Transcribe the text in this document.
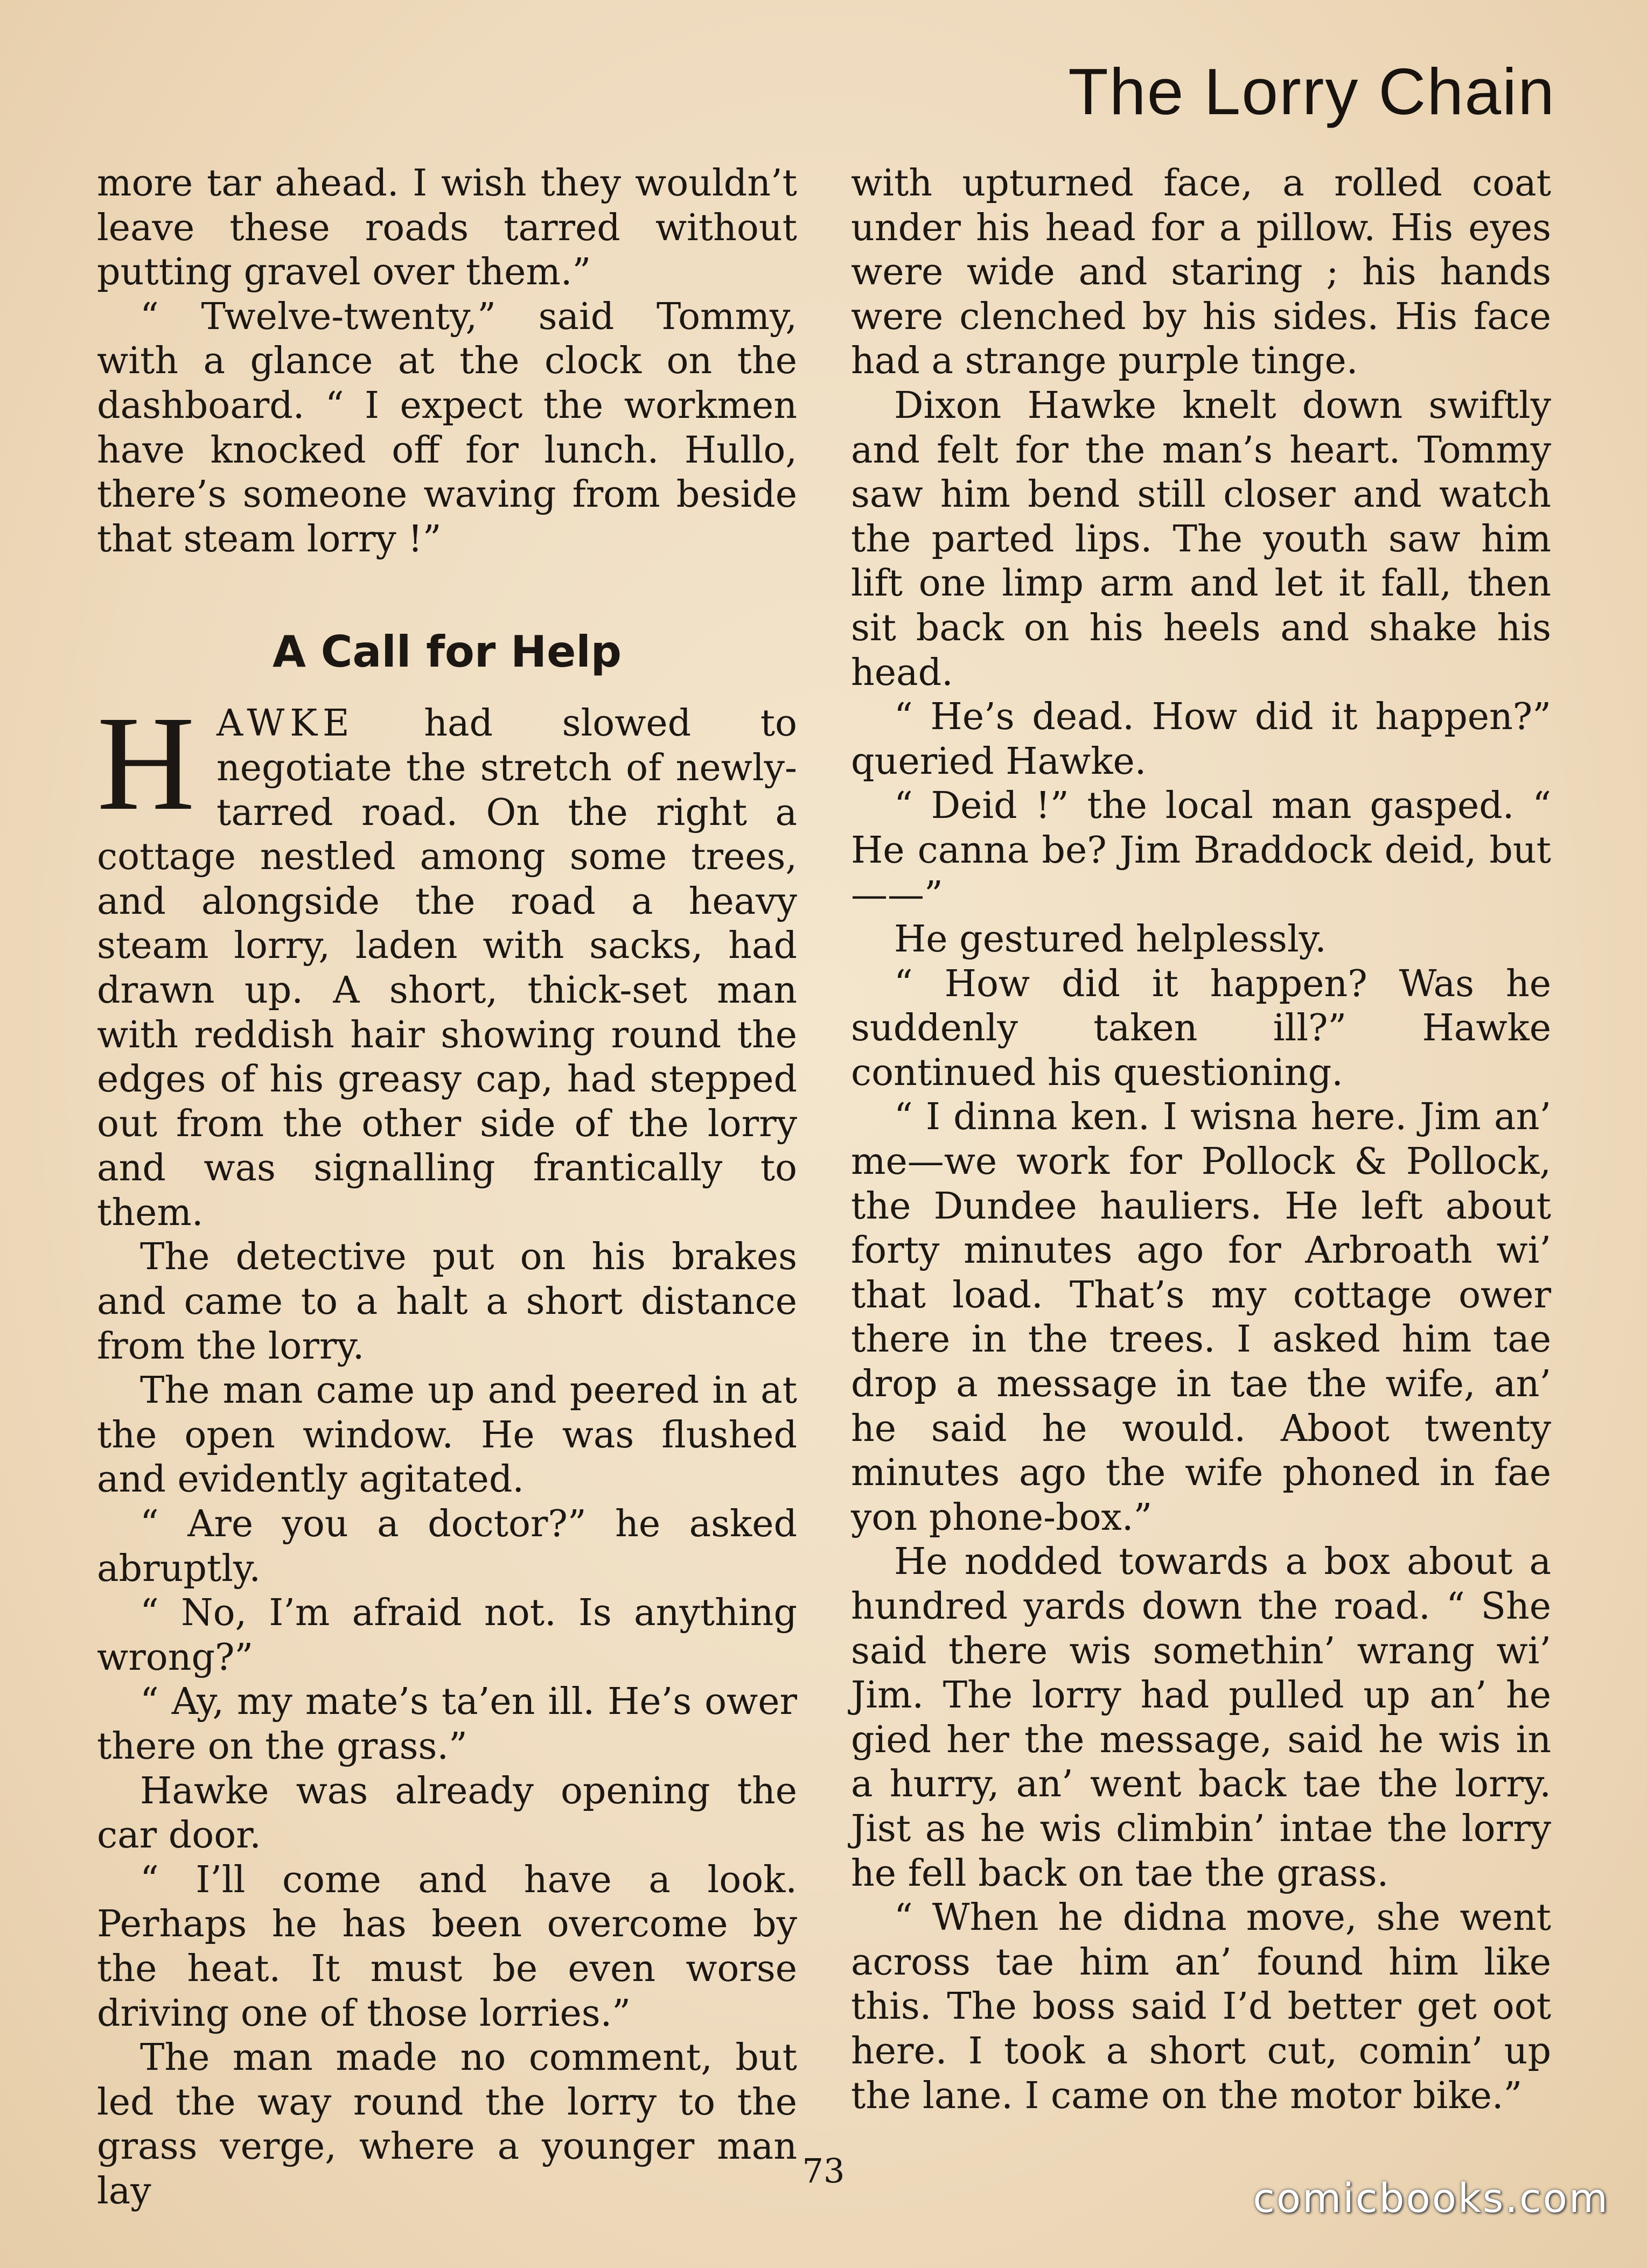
The Lorry Chain

more tar ahead. I wish they wouldn’t leave these roads tarred without putting gravel over them.”

“ Twelve-twenty,” said Tommy, with a glance at the clock on the dashboard. “ I expect the workmen have knocked off for lunch. Hullo, there’s someone waving from beside that steam lorry !”

A Call for Help

HAWKE had slowed to negotiate the stretch of newly-tarred road. On the right a cottage nestled among some trees, and alongside the road a heavy steam lorry, laden with sacks, had drawn up. A short, thick-set man with reddish hair showing round the edges of his greasy cap, had stepped out from the other side of the lorry and was signalling frantically to them.

The detective put on his brakes and came to a halt a short distance from the lorry.

The man came up and peered in at the open window. He was flushed and evidently agitated.

“ Are you a doctor?” he asked abruptly.

“ No, I’m afraid not. Is anything wrong?”

“ Ay, my mate’s ta’en ill. He’s ower there on the grass.”

Hawke was already opening the car door.

“ I’ll come and have a look. Perhaps he has been overcome by the heat. It must be even worse driving one of those lorries.”

The man made no comment, but led the way round the lorry to the grass verge, where a younger man lay

with upturned face, a rolled coat under his head for a pillow. His eyes were wide and staring ; his hands were clenched by his sides. His face had a strange purple tinge.

Dixon Hawke knelt down swiftly and felt for the man’s heart. Tommy saw him bend still closer and watch the parted lips. The youth saw him lift one limp arm and let it fall, then sit back on his heels and shake his head.

“ He’s dead. How did it happen?” queried Hawke.

“ Deid !” the local man gasped. “ He canna be? Jim Braddock deid, but——”

He gestured helplessly.

“ How did it happen? Was he suddenly taken ill?” Hawke continued his questioning.

“ I dinna ken. I wisna here. Jim an’ me—we work for Pollock & Pollock, the Dundee hauliers. He left about forty minutes ago for Arbroath wi’ that load. That’s my cottage ower there in the trees. I asked him tae drop a message in tae the wife, an’ he said he would. Aboot twenty minutes ago the wife phoned in fae yon phone-box.”

He nodded towards a box about a hundred yards down the road. “ She said there wis somethin’ wrang wi’ Jim. The lorry had pulled up an’ he gied her the message, said he wis in a hurry, an’ went back tae the lorry. Jist as he wis climbin’ intae the lorry he fell back on tae the grass.

“ When he didna move, she went across tae him an’ found him like this. The boss said I’d better get oot here. I took a short cut, comin’ up the lane. I came on the motor bike.”

73
comicbooks.com
